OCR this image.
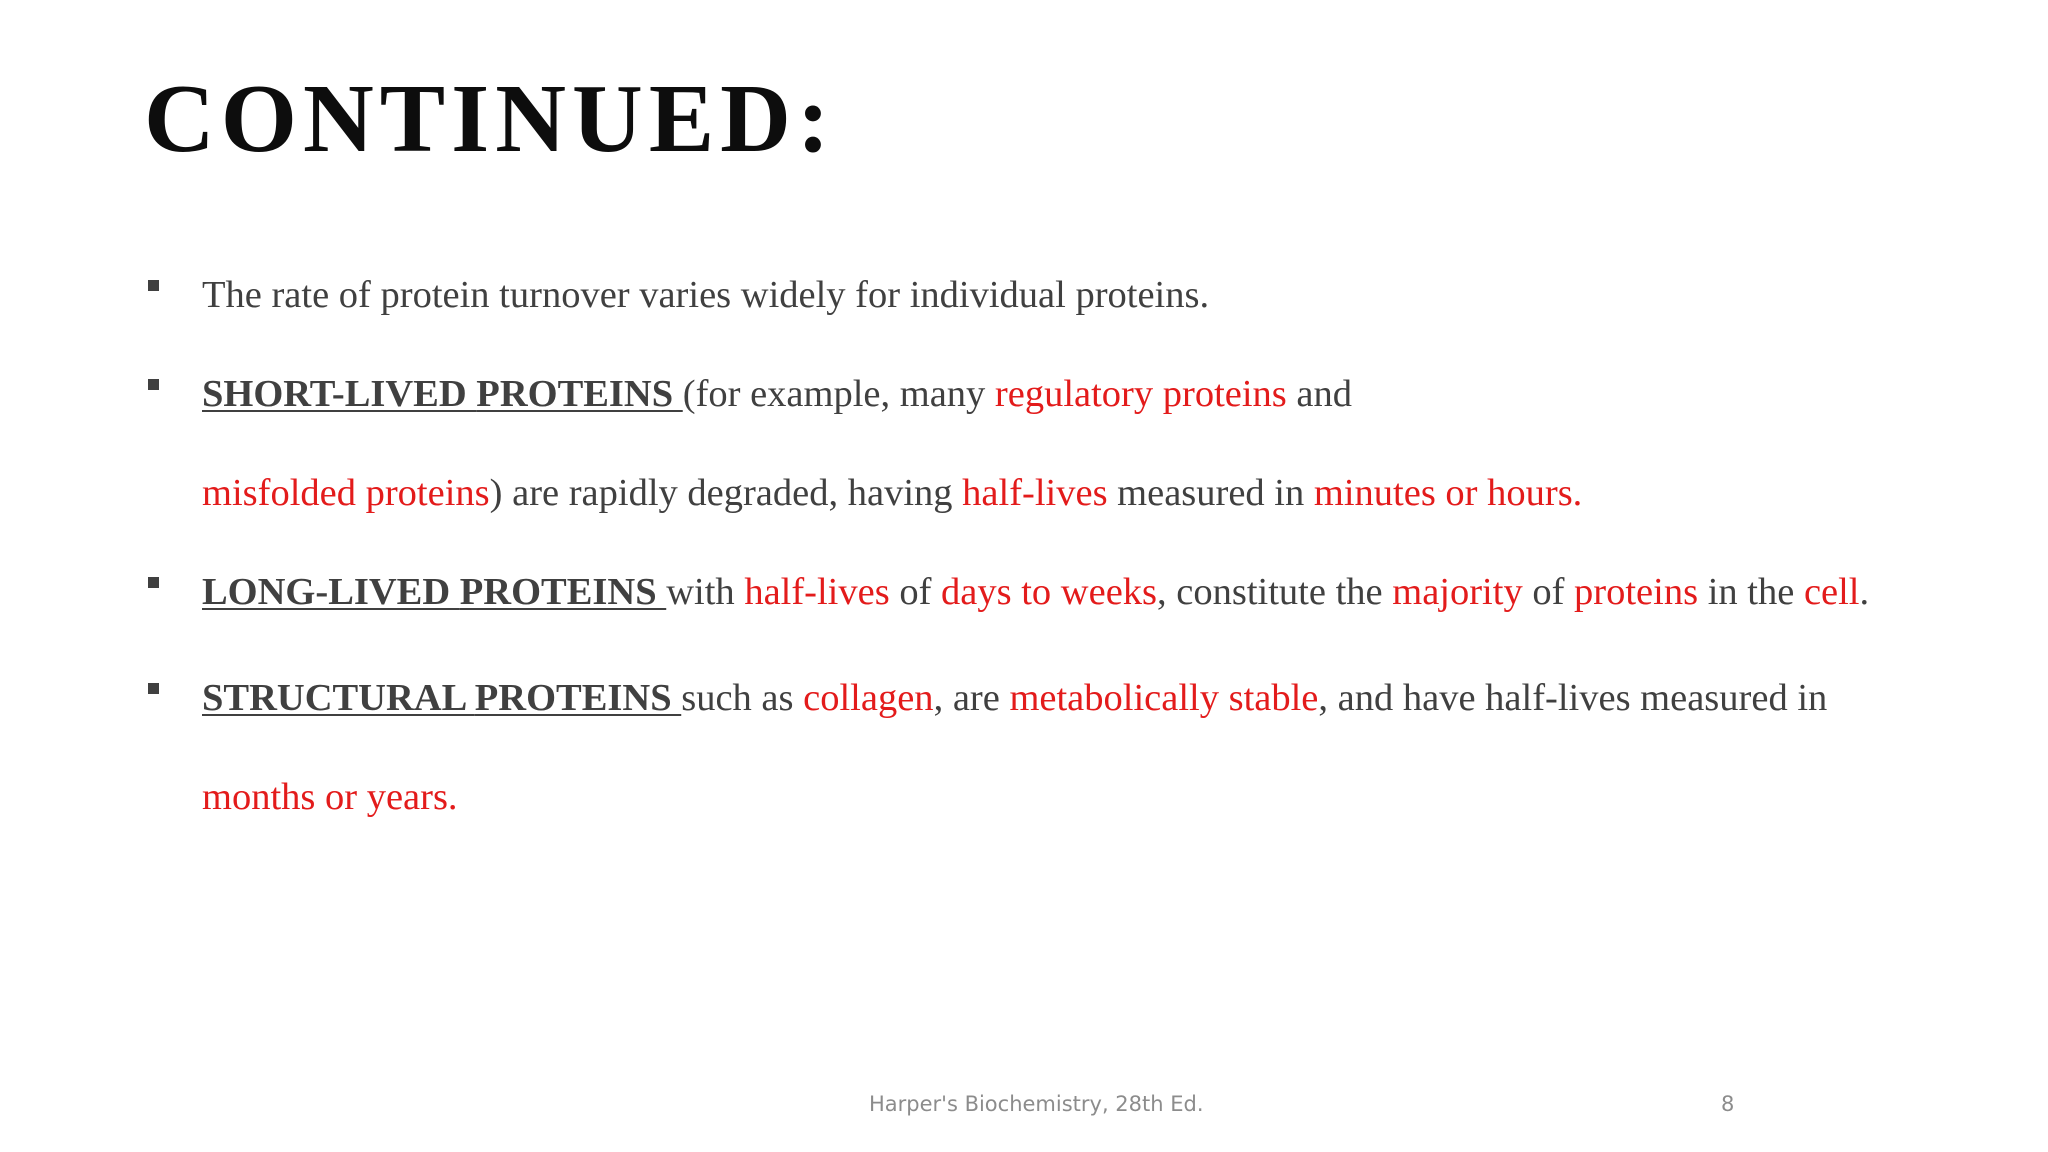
CONTINUED:
The rate of protein turnover varies widely for individual proteins.
SHORT-LIVED PROTEINS (for example, many regulatory proteins and
misfolded proteins) are rapidly degraded, having half-lives measured in minutes or hours.
LONG-LIVED PROTEINS with half-lives of days to weeks, constitute the majority of proteins in the cell.
STRUCTURAL PROTEINS such as collagen, are metabolically stable, and have half-lives measured in
months or years.
Harper's Biochemistry, 28th Ed.	8
